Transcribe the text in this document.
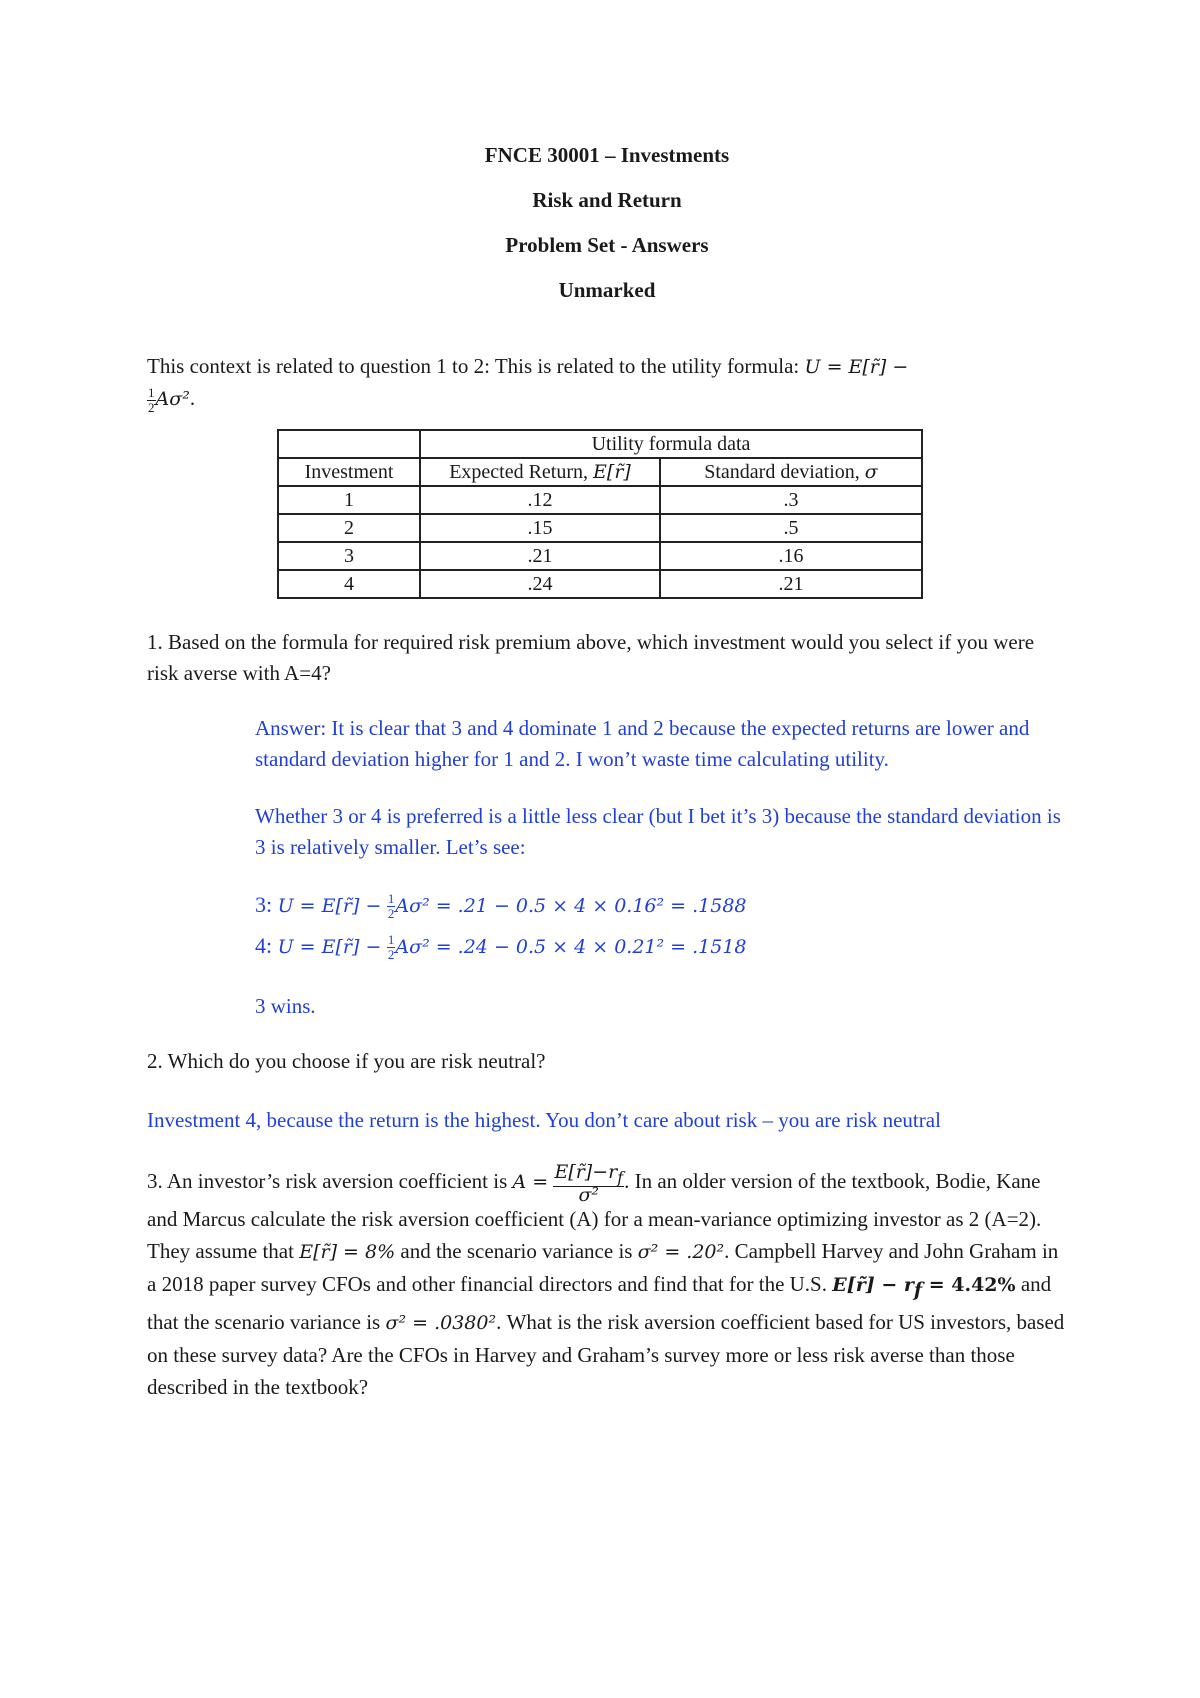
FNCE 30001 – Investments

Risk and Return

Problem Set - Answers

Unmarked

This context is related to question 1 to 2: This is related to the utility formula: U = E[r̃] −

$\frac{1}{2} A\sigma^2$.

	Utility formula data	
Investment	Expected Return, E[r̃]	Standard deviation, σ
1	.12	.3
2	.15	.5
3	.21	.16
4	.24	.21

1. Based on the formula for required risk premium above, which investment would you select if you were risk averse with A=4?

Answer: It is clear that 3 and 4 dominate 1 and 2 because the expected returns are lower and standard deviation higher for 1 and 2. I won’t waste time calculating utility.

Whether 3 or 4 is preferred is a little less clear (but I bet it’s 3) because the standard deviation is 3 is relatively smaller. Let’s see:

3: U = E[r̃] − $\frac{1}{2} A\sigma^2 = .21 - 0.5 \times 4 \times 0.16^2 = .1588$

4: U = E[r̃] − $\frac{1}{2} A\sigma^2 = .24 - 0.5 \times 4 \times 0.21^2 = .1518$

3 wins.

2. Which do you choose if you are risk neutral?

Investment 4, because the return is the highest. You don’t care about risk – you are risk neutral

3. An investor’s risk aversion coefficient is $A = \frac{E[r̃]-r_f}{\text{σ²}}$ . In an older version of the textbook, Bodie, Kane and Marcus calculate the risk aversion coefficient (A) for a mean-variance optimizing investor as 2 (A=2). They assume that E[r̃] = 8% and the scenario variance is σ² = .20². Campbell Harvey and John Graham in a 2018 paper survey CFOs and other financial directors and find that for the U.S. E[r̃] − $r_f = 4.42\%$ and that the scenario variance is σ² = .0380². What is the risk aversion coefficient based for US investors, based on these survey data? Are the CFOs in Harvey and Graham’s survey more or less risk averse than those described in the textbook?
